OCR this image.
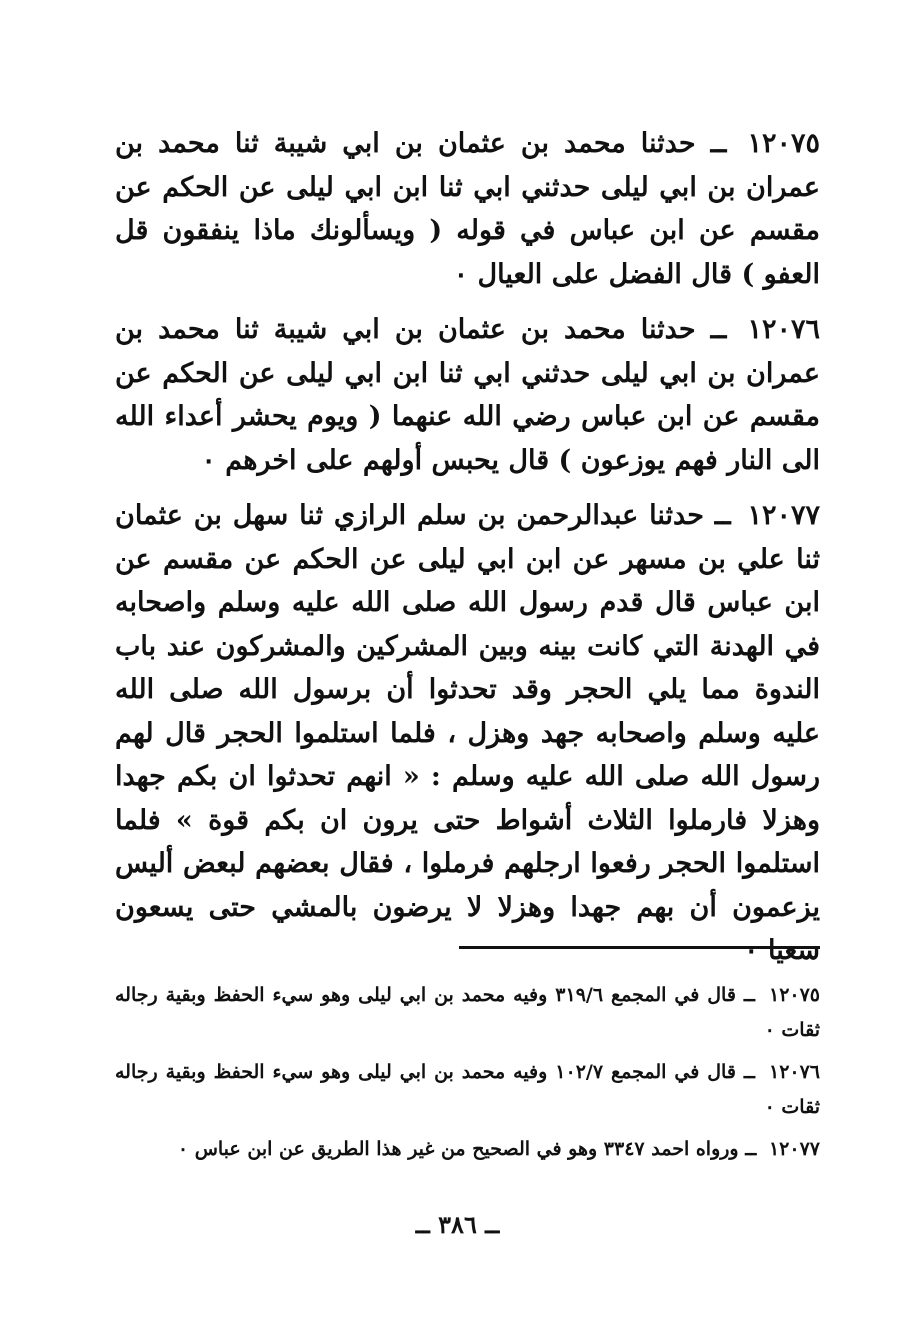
١٢٠٧٥ ــ حدثنا محمد بن عثمان بن ابي شيبة ثنا محمد بن عمران بن ابي ليلى حدثني ابي ثنا ابن ابي ليلى عن الحكم عن مقسم عن ابن عباس في قوله ( ويسألونك ماذا ينفقون قل العفو ) قال الفضل على العيال ٠

١٢٠٧٦ ــ حدثنا محمد بن عثمان بن ابي شيبة ثنا محمد بن عمران بن ابي ليلى حدثني ابي ثنا ابن ابي ليلى عن الحكم عن مقسم عن ابن عباس رضي الله عنهما ( ويوم يحشر أعداء الله الى النار فهم يوزعون ) قال يحبس أولهم على اخرهم ٠

١٢٠٧٧ ــ حدثنا عبدالرحمن بن سلم الرازي ثنا سهل بن عثمان ثنا علي بن مسهر عن ابن ابي ليلى عن الحكم عن مقسم عن ابن عباس قال قدم رسول الله صلى الله عليه وسلم واصحابه في الهدنة التي كانت بينه وبين المشركين والمشركون عند باب الندوة مما يلي الحجر وقد تحدثوا أن برسول الله صلى الله عليه وسلم واصحابه جهد وهزل ، فلما استلموا الحجر قال لهم رسول الله صلى الله عليه وسلم : « انهم تحدثوا ان بكم جهدا وهزلا فارملوا الثلاث أشواط حتى يرون ان بكم قوة » فلما استلموا الحجر رفعوا ارجلهم فرملوا ، فقال بعضهم لبعض أليس يزعمون أن بهم جهدا وهزلا لا يرضون بالمشي حتى يسعون سعيا ٠

١٢٠٧٥ ــ قال في المجمع ٣١٩/٦ وفيه محمد بن ابي ليلى وهو سيء الحفظ وبقية رجاله ثقات ٠

١٢٠٧٦ ــ قال في المجمع ١٠٢/٧ وفيه محمد بن ابي ليلى وهو سيء الحفظ وبقية رجاله ثقات ٠

١٢٠٧٧ ــ ورواه احمد ٣٣٤٧ وهو في الصحيح من غير هذا الطريق عن ابن عباس ٠

ــ ٣٨٦ ــ
